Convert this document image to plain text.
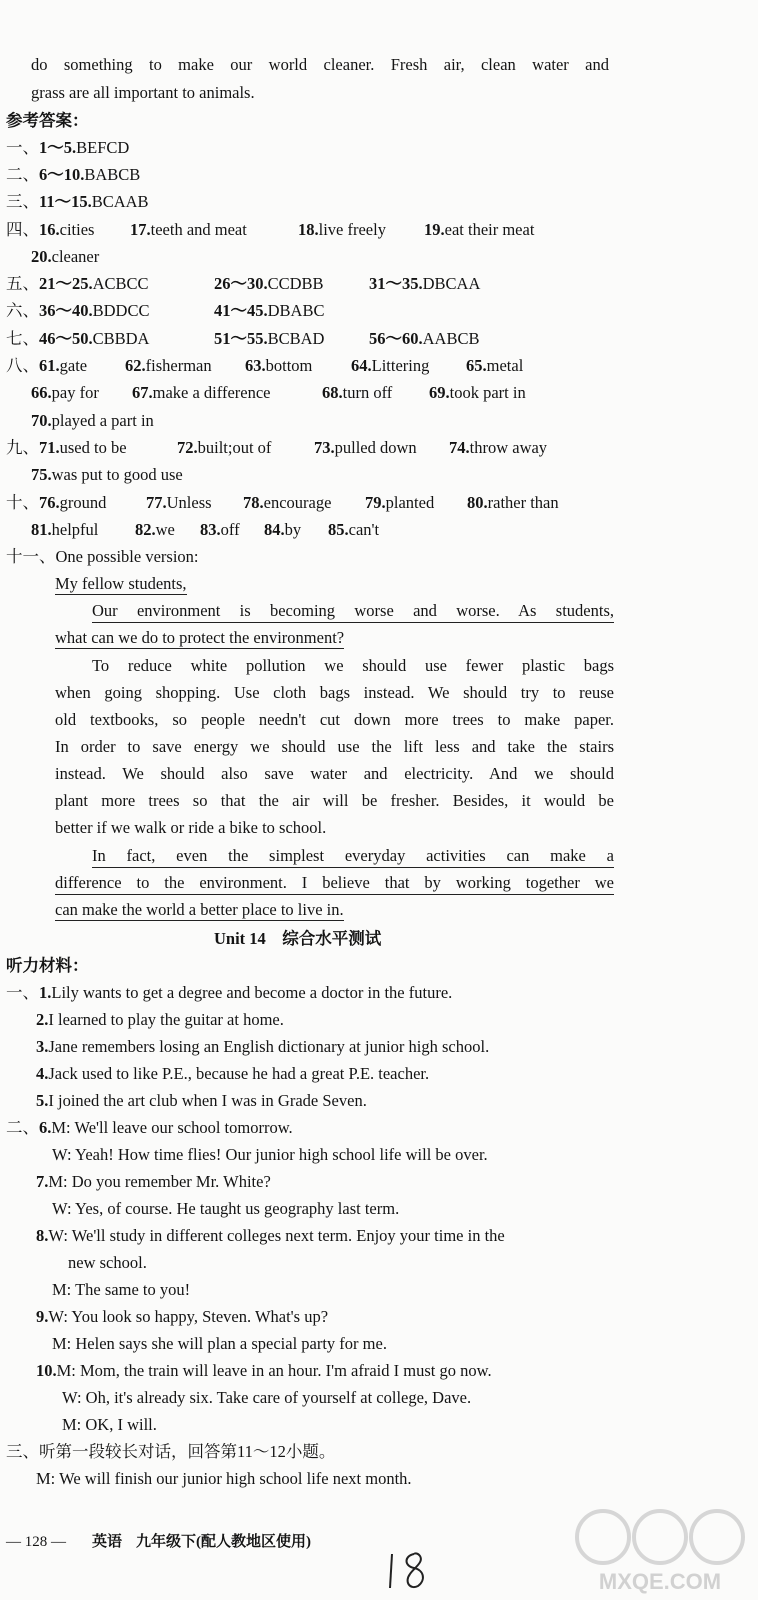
do something to make our world cleaner. Fresh air, clean water and
grass are all important to animals.
参考答案：
一、1～5.BEFCD
二、6～10.BABCB
三、11～15.BCAAB
四、16.cities 17.teeth and meat	18.live freely 19.eat their meat
20.cleaner
五、21～25.ACBCC	26～30.CCDBB	31～35.DBCAA
六、36～40.BDDCC	41～45.DBABC
七、46～50.CBBDA	51～55.BCBAD	56～60.AABCB
八、61.gate 62.fisherman 63.bottom 64.Littering 65.metal
66.pay for 67.make a difference	68.turn off 69.took part in
70.played a part in
九、71.used to be	72.built;out of	73.pulled down 74.throw away
75.was put to good use
十、76.ground 77.Unless 78.encourage 79.planted 80.rather than
81.helpful 82.we 83.off 84.by 85.can't
十一、One possible version:
My fellow students,
Our environment is becoming worse and worse. As students,
what can we do to protect the environment?
To reduce white pollution we should use fewer plastic bags
when going shopping. Use cloth bags instead. We should try to reuse
old textbooks, so people needn't cut down more trees to make paper.
In order to save energy we should use the lift less and take the stairs
instead. We should also save water and electricity. And we should
plant more trees so that the air will be fresher. Besides, it would be
better if we walk or ride a bike to school.
In fact, even the simplest everyday activities can make a
difference to the environment. I believe that by working together we
can make the world a better place to live in.
Unit 14　综合水平测试
听力材料：
一、1.Lily wants to get a degree and become a doctor in the future.
2.I learned to play the guitar at home.
3.Jane remembers losing an English dictionary at junior high school.
4.Jack used to like P.E., because he had a great P.E. teacher.
5.I joined the art club when I was in Grade Seven.
二、6.M: We'll leave our school tomorrow.
W: Yeah! How time flies! Our junior high school life will be over.
7.M: Do you remember Mr. White?
W: Yes, of course. He taught us geography last term.
8.W: We'll study in different colleges next term. Enjoy your time in the
new school.
M: The same to you!
9.W: You look so happy, Steven. What's up?
M: Helen says she will plan a special party for me.
10.M: Mom, the train will leave in an hour. I'm afraid I must go now.
W: Oh, it's already six. Take care of yourself at college, Dave.
M: OK, I will.
三、听第一段较长对话，回答第11～12小题。
M: We will finish our junior high school life next month.
— 128 — 英语 九年级下(配人教地区使用)
18	MXQE.COM
